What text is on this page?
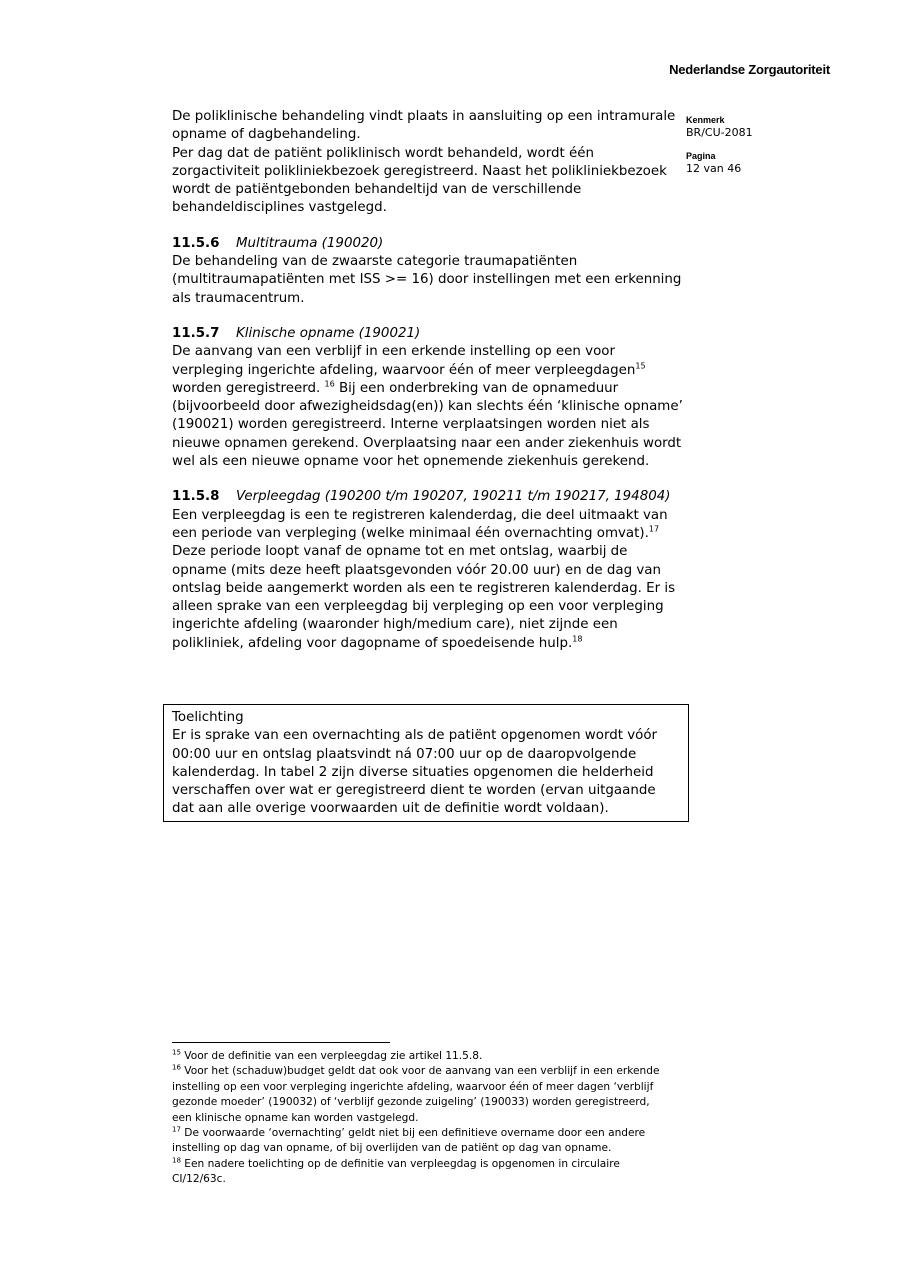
Nederlandse Zorgautoriteit
Kenmerk
BR/CU-2081
Pagina
12 van 46

De poliklinische behandeling vindt plaats in aansluiting op een intramurale opname of dagbehandeling.

Per dag dat de patiënt poliklinisch wordt behandeld, wordt één zorgactiviteit polikliniekbezoek geregistreerd. Naast het polikliniekbezoek wordt de patiëntgebonden behandeltijd van de verschillende behandeldisciplines vastgelegd.

11.5.6	Multitrauma (190020)

De behandeling van de zwaarste categorie traumapatiënten (multitraumapatiënten met ISS >= 16) door instellingen met een erkenning als traumacentrum.

11.5.7	Klinische opname (190021)

De aanvang van een verblijf in een erkende instelling op een voor verpleging ingerichte afdeling, waarvoor één of meer verpleegdagen$^{15}$ worden geregistreerd. $^{16}$ Bij een onderbreking van de opnameduur (bijvoorbeeld door afwezigheidsdag(en)) kan slechts één ‘klinische opname’ (190021) worden geregistreerd. Interne verplaatsingen worden niet als nieuwe opnamen gerekend. Overplaatsing naar een ander ziekenhuis wordt wel als een nieuwe opname voor het opnemende ziekenhuis gerekend.

11.5.8	Verpleegdag (190200 t/m 190207, 190211 t/m 190217, 194804)

Een verpleegdag is een te registreren kalenderdag, die deel uitmaakt van een periode van verpleging (welke minimaal één overnachting omvat).$^{17}$ Deze periode loopt vanaf de opname tot en met ontslag, waarbij de opname (mits deze heeft plaatsgevonden vóór 20.00 uur) en de dag van ontslag beide aangemerkt worden als een te registreren kalenderdag. Er is alleen sprake van een verpleegdag bij verpleging op een voor verpleging ingerichte afdeling (waaronder high/medium care), niet zijnde een polikliniek, afdeling voor dagopname of spoedeisende hulp.$^{18}$

Toelichting

Er is sprake van een overnachting als de patiënt opgenomen wordt vóór 00:00 uur en ontslag plaatsvindt ná 07:00 uur op de daaropvolgende kalenderdag. In tabel 2 zijn diverse situaties opgenomen die helderheid verschaffen over wat er geregistreerd dient te worden (ervan uitgaande dat aan alle overige voorwaarden uit de definitie wordt voldaan).

$^{15}$ Voor de definitie van een verpleegdag zie artikel 11.5.8.

$^{16}$ Voor het (schaduw)budget geldt dat ook voor de aanvang van een verblijf in een erkende instelling op een voor verpleging ingerichte afdeling, waarvoor één of meer dagen ‘verblijf gezonde moeder’ (190032) of ‘verblijf gezonde zuigeling’ (190033) worden geregistreerd, een klinische opname kan worden vastgelegd.

$^{17}$ De voorwaarde ‘overnachting’ geldt niet bij een definitieve overname door een andere instelling op dag van opname, of bij overlijden van de patiënt op dag van opname.

$^{18}$ Een nadere toelichting op de definitie van verpleegdag is opgenomen in circulaire CI/12/63c.
